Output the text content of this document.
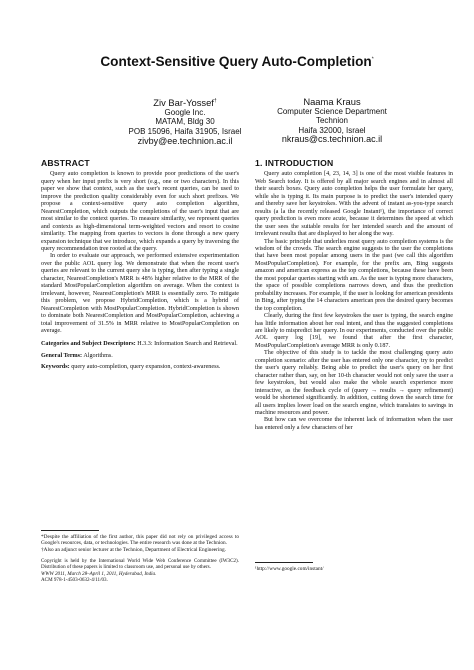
Context-Sensitive Query Auto-Completion*
Ziv Bar-Yossef†
Google Inc.
MATAM, Bldg 30
POB 15096, Haifa 31905, Israel
zivby@ee.technion.ac.il
Naama Kraus
Computer Science Department
Technion
Haifa 32000, Israel
nkraus@cs.technion.ac.il
ABSTRACT

Query auto completion is known to provide poor predictions of the user's query when her input prefix is very short (e.g., one or two characters). In this paper we show that context, such as the user's recent queries, can be used to improve the prediction quality considerably even for such short prefixes. We propose a context-sensitive query auto completion algorithm, NearestCompletion, which outputs the completions of the user's input that are most similar to the context queries. To measure similarity, we represent queries and contexts as high-dimensional term-weighted vectors and resort to cosine similarity. The mapping from queries to vectors is done through a new query expansion technique that we introduce, which expands a query by traversing the query recommendation tree rooted at the query.

In order to evaluate our approach, we performed extensive experimentation over the public AOL query log. We demonstrate that when the recent user's queries are relevant to the current query she is typing, then after typing a single character, NearestCompletion's MRR is 48% higher relative to the MRR of the standard MostPopularCompletion algorithm on average. When the context is irrelevant, however, NearestCompletion's MRR is essentially zero. To mitigate this problem, we propose HybridCompletion, which is a hybrid of NearestCompletion with MostPopularCompletion. HybridCompletion is shown to dominate both NearestCompletion and MostPopularCompletion, achieving a total improvement of 31.5% in MRR relative to MostPopularCompletion on average.

Categories and Subject Descriptors: H.3.3: Information Search and Retrieval.

General Terms: Algorithms.

Keywords: query auto-completion, query expansion, context-awareness.

*Despite the affiliation of the first author, this paper did not rely on privileged access to Google's resources, data, or technologies. The entire research was done at the Technion.

†Also an adjunct senior lecturer at the Technion, Department of Electrical Engineering.

Copyright is held by the International World Wide Web Conference Committee (IW3C2). Distribution of these papers is limited to classroom use, and personal use by others.

WWW 2011, March 28–April 1, 2011, Hyderabad, India.

ACM 978-1-4503-0632-4/11/03.

1. INTRODUCTION

Query auto completion [4, 23, 14, 3] is one of the most visible features in Web Search today. It is offered by all major search engines and in almost all their search boxes. Query auto completion helps the user formulate her query, while she is typing it. Its main purpose is to predict the user's intended query and thereby save her keystrokes. With the advent of instant as-you-type search results (a la the recently released Google Instant¹), the importance of correct query prediction is even more acute, because it determines the speed at which the user sees the suitable results for her intended search and the amount of irrelevant results that are displayed to her along the way.

The basic principle that underlies most query auto completion systems is the wisdom of the crowds. The search engine suggests to the user the completions that have been most popular among users in the past (we call this algorithm MostPopularCompletion). For example, for the prefix am, Bing suggests amazon and american express as the top completions, because these have been the most popular queries starting with am. As the user is typing more characters, the space of possible completions narrows down, and thus the prediction probability increases. For example, if the user is looking for american presidents in Bing, after typing the 14 characters american pres the desired query becomes the top completion.

Clearly, during the first few keystrokes the user is typing, the search engine has little information about her real intent, and thus the suggested completions are likely to mispredict her query. In our experiments, conducted over the public AOL query log [19], we found that after the first character, MostPopularCompletion's average MRR is only 0.187.

The objective of this study is to tackle the most challenging query auto completion scenario: after the user has entered only one character, try to predict the user's query reliably. Being able to predict the user's query on her first character rather than, say, on her 10-th character would not only save the user a few keystrokes, but would also make the whole search experience more interactive, as the feedback cycle of (query → results → query refinement) would be shortened significantly. In addition, cutting down the search time for all users implies lower load on the search engine, which translates to savings in machine resources and power.

But how can we overcome the inherent lack of information when the user has entered only a few characters of her

¹http://www.google.com/instant/
